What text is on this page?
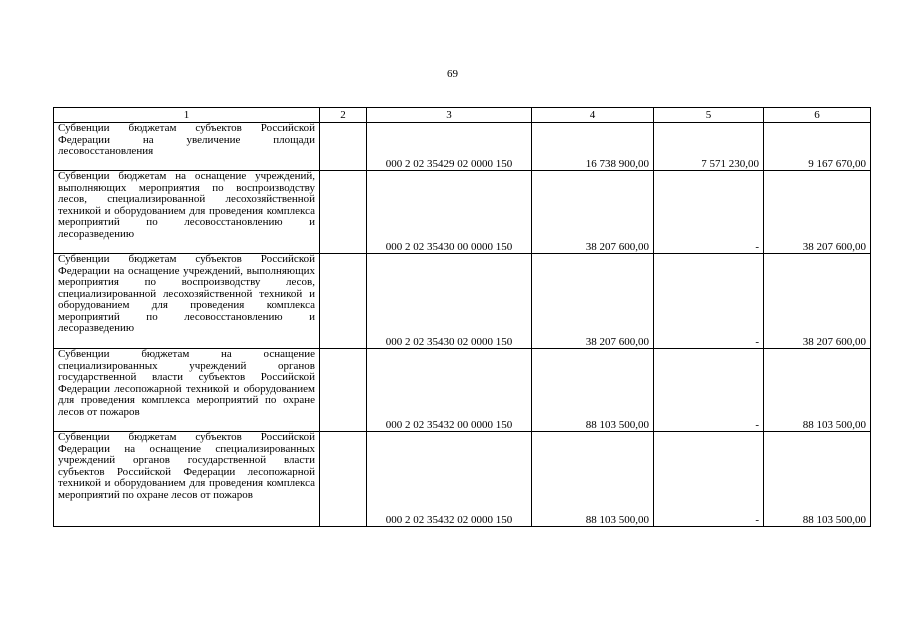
69
1	2	3	4	5	6
Субвенции бюджетам субъектов Российской Федерации на увеличение площади лесовосстановления		000 2 02 35429 02 0000 150	16 738 900,00	7 571 230,00	9 167 670,00
Субвенции бюджетам на оснащение учреждений, выполняющих мероприятия по воспроизводству лесов, специализированной лесохозяйственной техникой и оборудованием для проведения комплекса мероприятий по лесовосстановлению и лесоразведению		000 2 02 35430 00 0000 150	38 207 600,00	-	38 207 600,00
Субвенции бюджетам субъектов Российской Федерации на оснащение учреждений, выполняющих мероприятия по воспроизводству лесов, специализированной лесохозяйственной техникой и оборудованием для проведения комплекса мероприятий по лесовосстановлению и лесоразведению		000 2 02 35430 02 0000 150	38 207 600,00	-	38 207 600,00
Субвенции бюджетам на оснащение специализированных учреждений органов государственной власти субъектов Российской Федерации лесопожарной техникой и оборудованием для проведения комплекса мероприятий по охране лесов от пожаров		000 2 02 35432 00 0000 150	88 103 500,00	-	88 103 500,00
Субвенции бюджетам субъектов Российской Федерации на оснащение специализированных учреждений органов государственной власти субъектов Российской Федерации лесопожарной техникой и оборудованием для проведения комплекса мероприятий по охране лесов от пожаров		000 2 02 35432 02 0000 150	88 103 500,00	-	88 103 500,00
